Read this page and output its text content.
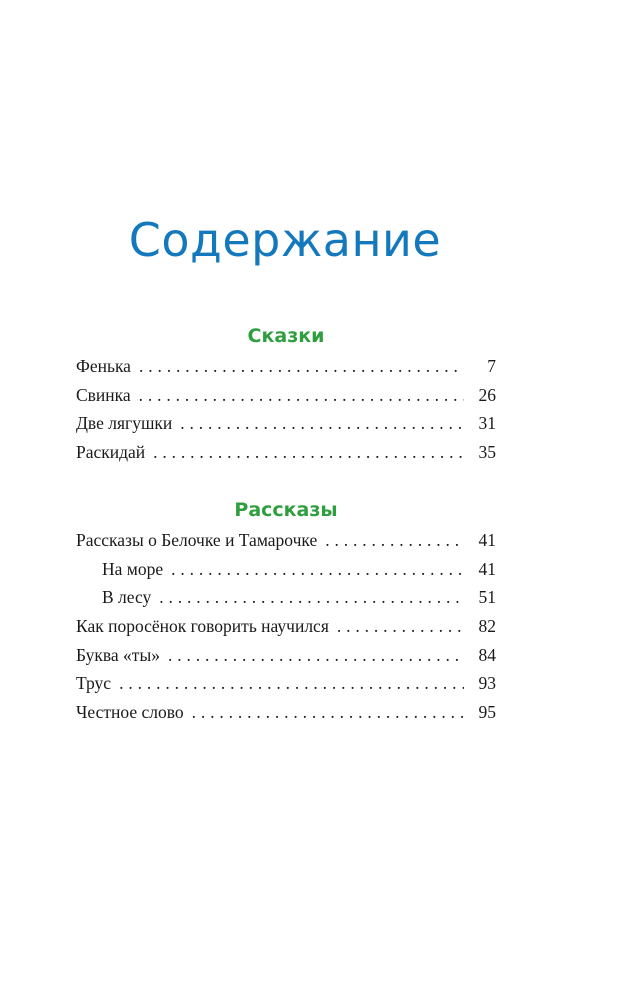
Содержание
Сказки
Фенька . . .	7
Свинка . . .	26
Две лягушки . . .	31
Раскидай . . .	35
Рассказы
Рассказы о Белочке и Тамарочке . . .	41
На море . . .	41
В лесу . . .	51
Как поросёнок говорить научился . . .	82
Буква «ты» . . .	84
Трус . . .	93
Честное слово . . .	95
